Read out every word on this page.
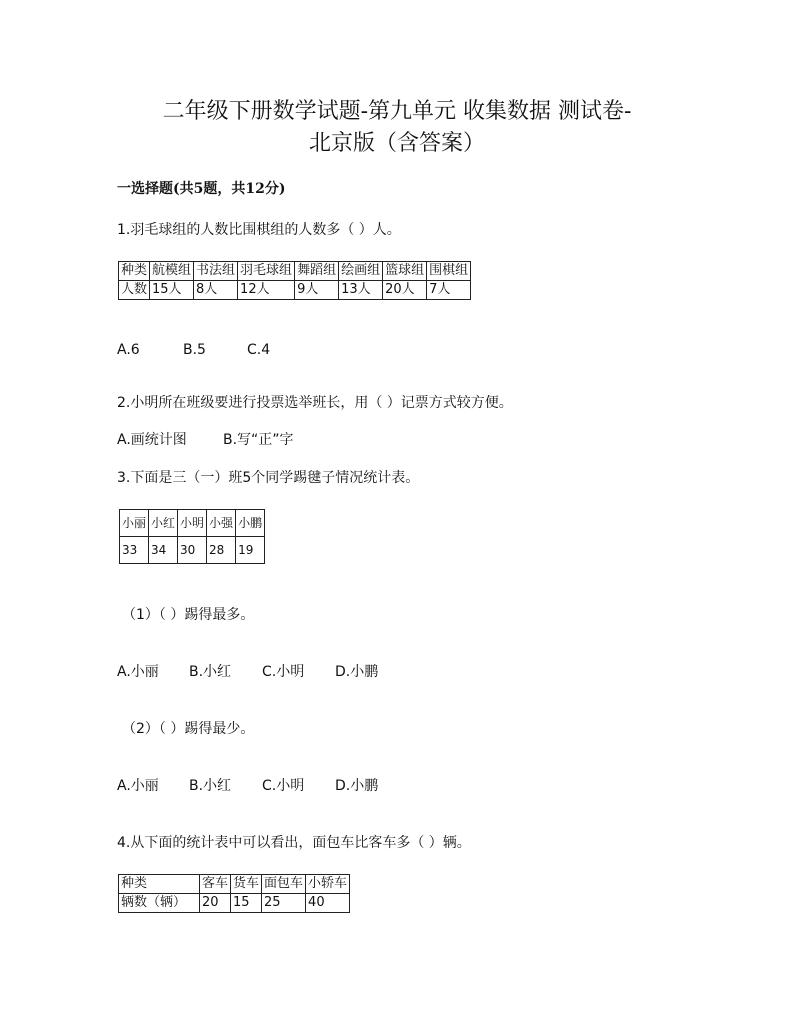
二年级下册数学试题-第九单元 收集数据 测试卷-
北京版（含答案）
一选择题(共5题，共12分)
1.羽毛球组的人数比围棋组的人数多（ ）人。
种类	航模组	书法组	羽毛球组	舞蹈组	绘画组	篮球组	围棋组
人数	15人	8人	12人	9人	13人	20人	7人
A.6	B.5	C.4
2.小明所在班级要进行投票选举班长，用（ ）记票方式较方便。
A.画统计图	B.写“正”字
3.下面是三（一）班5个同学踢毽子情况统计表。
小丽	小红	小明	小强	小鹏
33	34	30	28	19
（1）（ ）踢得最多。
A.小丽 B.小红 C.小明 D.小鹏
（2）（ ）踢得最少。
A.小丽 B.小红 C.小明 D.小鹏
4.从下面的统计表中可以看出，面包车比客车多（ ）辆。
种类	客车	货车	面包车	小轿车
辆数（辆）	20	15	25	40
